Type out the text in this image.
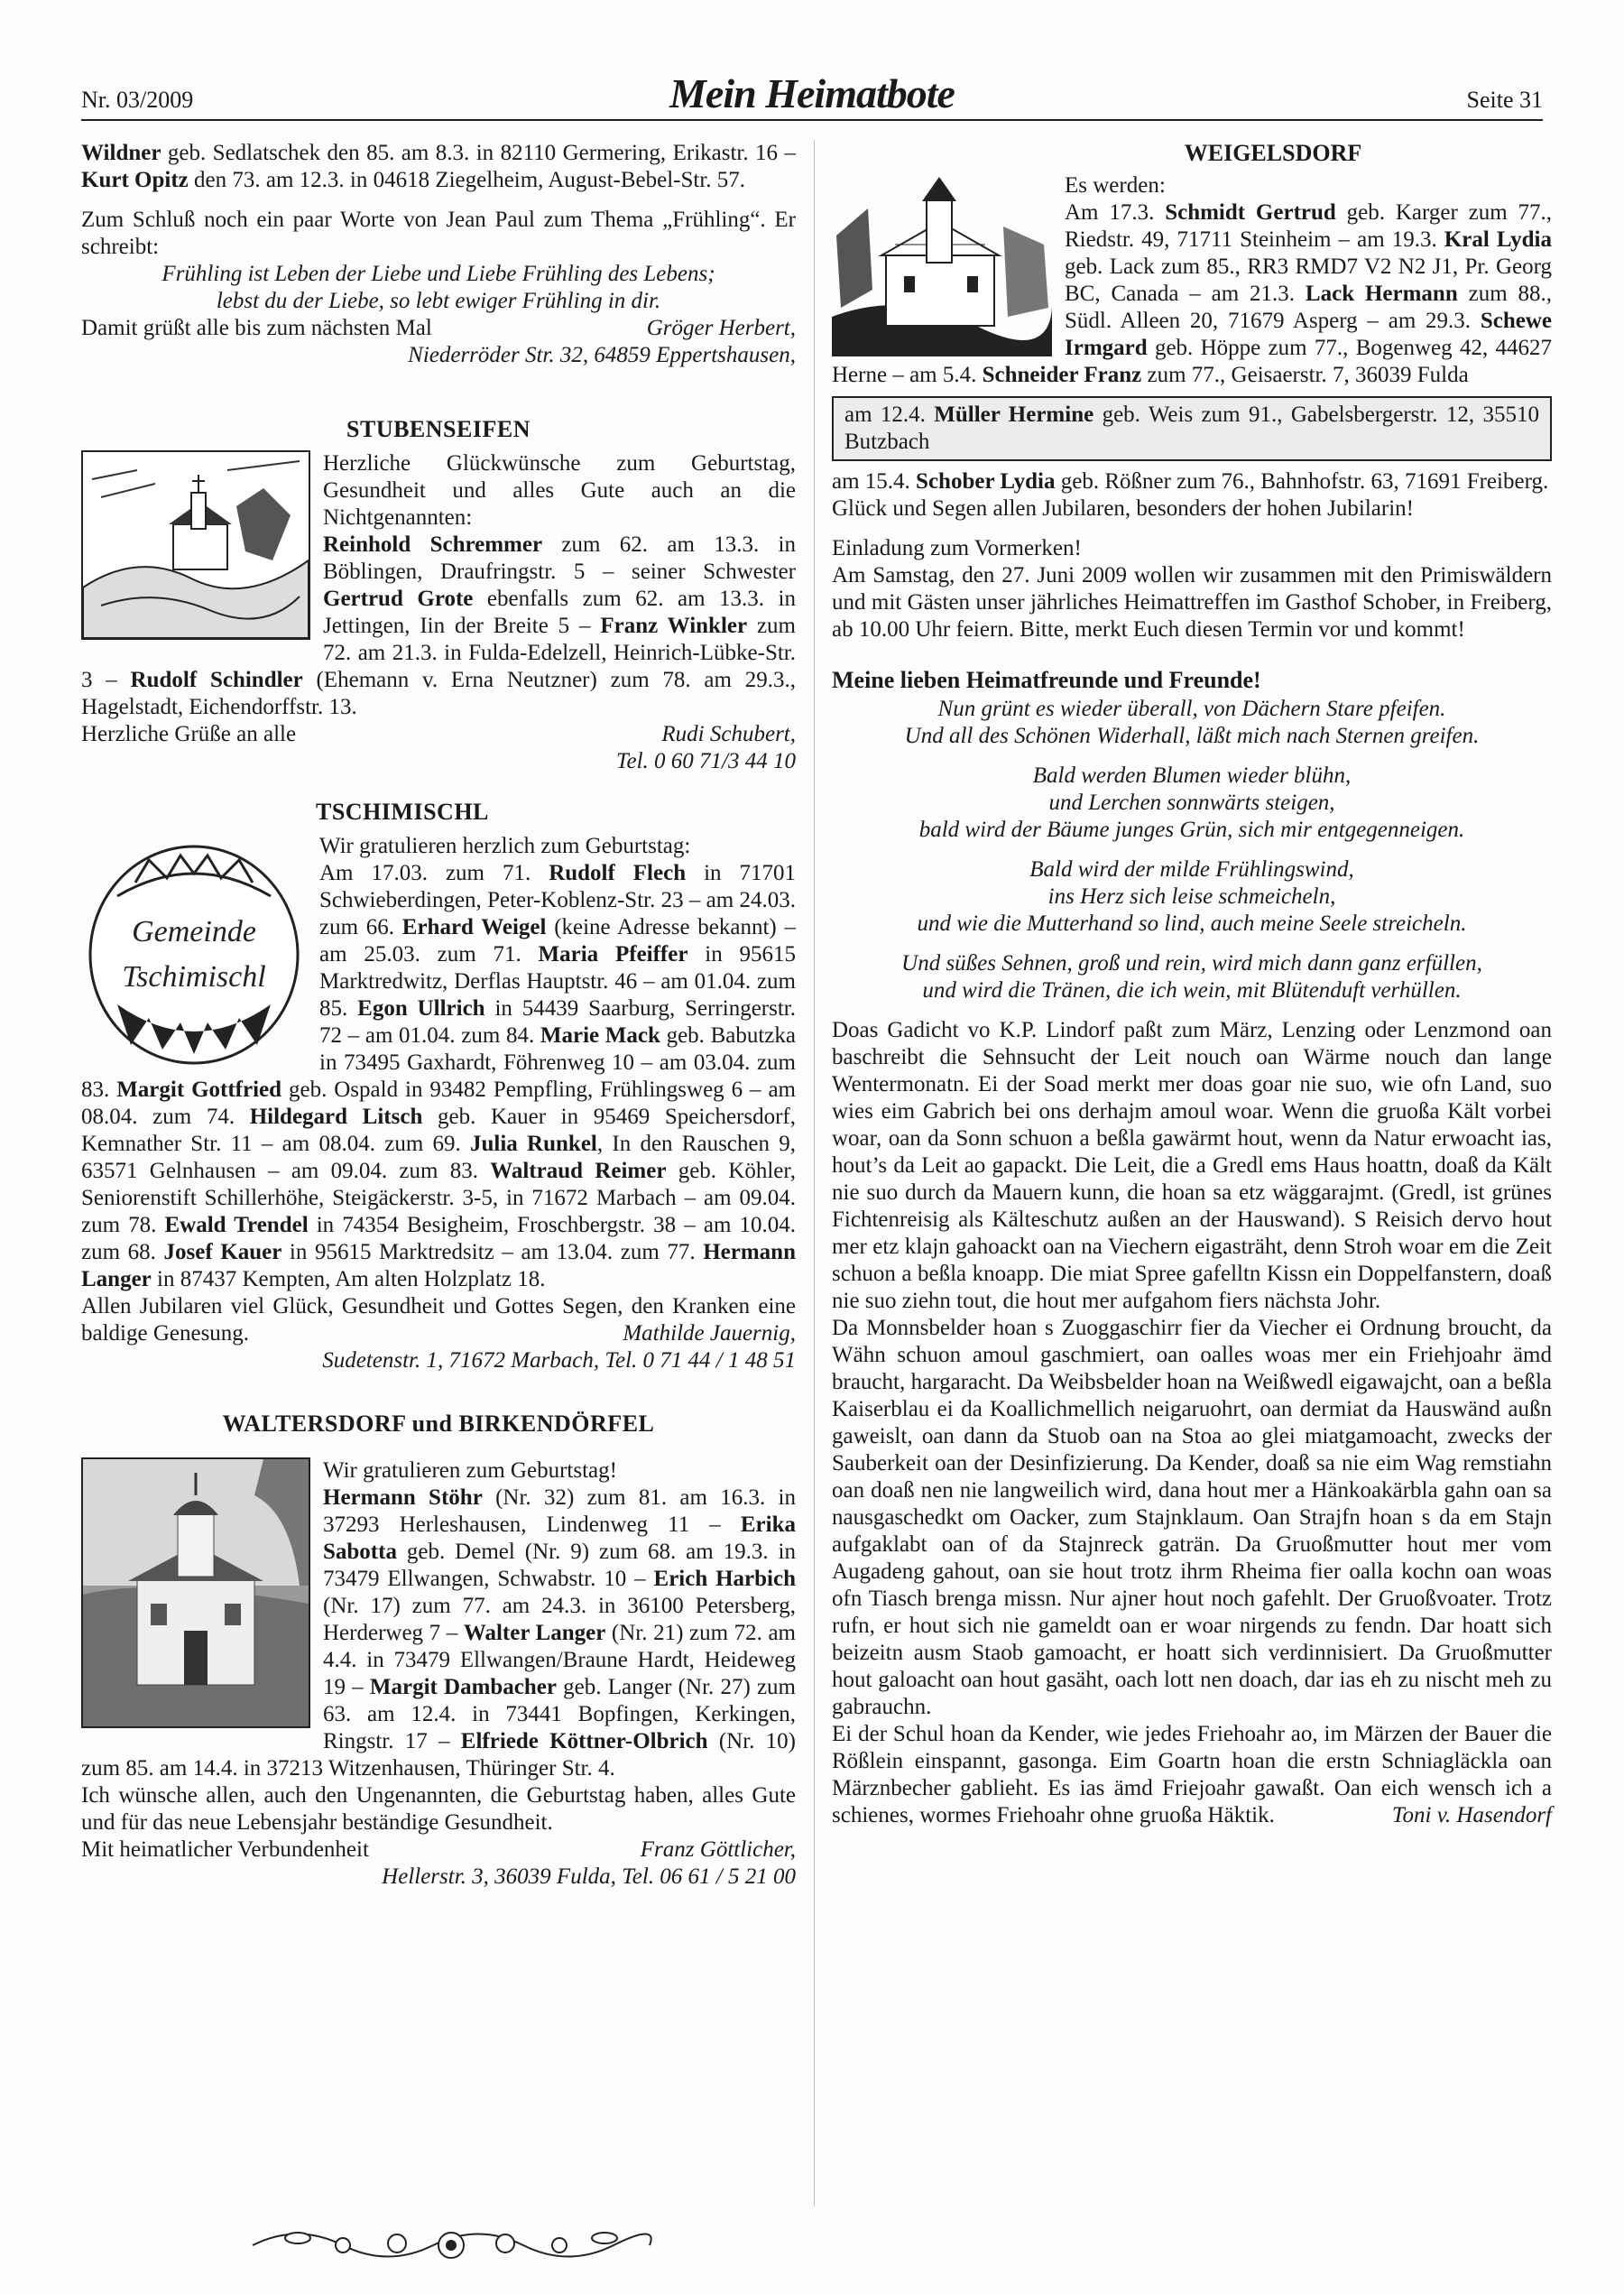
Nr. 03/2009	Mein Heimatbote	Seite 31

Wildner geb. Sedlatschek den 85. am 8.3. in 82110 Germering, Erikastr. 16 – Kurt Opitz den 73. am 12.3. in 04618 Ziegelheim, August-Bebel-Str. 57.

Zum Schluß noch ein paar Worte von Jean Paul zum Thema „Frühling“. Er schreibt:

Frühling ist Leben der Liebe und Liebe Frühling des Lebens;

lebst du der Liebe, so lebt ewiger Frühling in dir.

Damit grüßt alle bis zum nächsten Mal	Gröger Herbert,

Niederröder Str. 32, 64859 Eppertshausen,

STUBENSEIFEN

Herzliche Glückwünsche zum Geburtstag, Gesundheit und alles Gute auch an die Nichtgenannten:
Reinhold Schremmer zum 62. am 13.3. in Böblingen, Draufringstr. 5 – seiner Schwester Gertrud Grote ebenfalls zum 62. am 13.3. in Jettingen, Iin der Breite 5 – Franz Winkler zum 72. am 21.3. in Fulda-Edelzell, Heinrich-Lübke-Str. 3 – Rudolf Schindler (Ehemann v. Erna Neutzner) zum 78. am 29.3., Hagelstadt, Eichendorffstr. 13.

Herzliche Grüße an alle	Rudi Schubert,

Tel. 0 60 71/3 44 10

TSCHIMISCHL
Gemeinde
Tschimischl

Wir gratulieren herzlich zum Geburtstag:
Am 17.03. zum 71. Rudolf Flech in 71701 Schwieberdingen, Peter-Koblenz-Str. 23 – am 24.03. zum 66. Erhard Weigel (keine Adresse bekannt) – am 25.03. zum 71. Maria Pfeiffer in 95615 Marktredwitz, Derflas Hauptstr. 46 – am 01.04. zum 85. Egon Ullrich in 54439 Saarburg, Serringerstr. 72 – am 01.04. zum 84. Marie Mack geb. Babutzka in 73495 Gaxhardt, Föhrenweg 10 – am 03.04. zum 83. Margit Gottfried geb. Ospald in 93482 Pempfling, Frühlingsweg 6 – am 08.04. zum 74. Hildegard Litsch geb. Kauer in 95469 Speichersdorf, Kemnather Str. 11 – am 08.04. zum 69. Julia Runkel, In den Rauschen 9, 63571 Gelnhausen – am 09.04. zum 83. Waltraud Reimer geb. Köhler, Seniorenstift Schillerhöhe, Steigäckerstr. 3-5, in 71672 Marbach – am 09.04. zum 78. Ewald Trendel in 74354 Besigheim, Froschbergstr. 38 – am 10.04. zum 68. Josef Kauer in 95615 Marktredsitz – am 13.04. zum 77. Hermann Langer in 87437 Kempten, Am alten Holzplatz 18.

Allen Jubilaren viel Glück, Gesundheit und Gottes Segen, den Kranken eine baldige Genesung.	Mathilde Jauernig,

Sudetenstr. 1, 71672 Marbach, Tel. 0 71 44 / 1 48 51

WALTERSDORF und BIRKENDÖRFEL

Wir gratulieren zum Geburtstag!
Hermann Stöhr (Nr. 32) zum 81. am 16.3. in 37293 Herleshausen, Lindenweg 11 – Erika Sabotta geb. Demel (Nr. 9) zum 68. am 19.3. in 73479 Ellwangen, Schwabstr. 10 – Erich Harbich (Nr. 17) zum 77. am 24.3. in 36100 Petersberg, Herderweg 7 – Walter Langer (Nr. 21) zum 72. am 4.4. in 73479 Ellwangen/Braune Hardt, Heideweg 19 – Margit Dambacher geb. Langer (Nr. 27) zum 63. am 12.4. in 73441 Bopfingen, Kerkingen, Ringstr. 17 – Elfriede Köttner-Olbrich (Nr. 10) zum 85. am 14.4. in 37213 Witzenhausen, Thüringer Str. 4.

Ich wünsche allen, auch den Ungenannten, die Geburtstag haben, alles Gute und für das neue Lebensjahr beständige Gesundheit.

Mit heimatlicher Verbundenheit	Franz Göttlicher,

Hellerstr. 3, 36039 Fulda, Tel. 06 61 / 5 21 00

WEIGELSDORF

Es werden:
Am 17.3. Schmidt Gertrud geb. Karger zum 77., Riedstr. 49, 71711 Steinheim – am 19.3. Kral Lydia geb. Lack zum 85., RR3 RMD7 V2 N2 J1, Pr. Georg BC, Canada – am 21.3. Lack Hermann zum 88., Südl. Alleen 20, 71679 Asperg – am 29.3. Schewe Irmgard geb. Höppe zum 77., Bogenweg 42, 44627 Herne – am 5.4. Schneider Franz zum 77., Geisaerstr. 7, 36039 Fulda

am 12.4. Müller Hermine geb. Weis zum 91., Gabelsbergerstr. 12, 35510 Butzbach

am 15.4. Schober Lydia geb. Rößner zum 76., Bahnhofstr. 63, 71691 Freiberg.

Glück und Segen allen Jubilaren, besonders der hohen Jubilarin!

Einladung zum Vormerken!

Am Samstag, den 27. Juni 2009 wollen wir zusammen mit den Primiswäldern und mit Gästen unser jährliches Heimattreffen im Gasthof Schober, in Freiberg, ab 10.00 Uhr feiern. Bitte, merkt Euch diesen Termin vor und kommt!

Meine lieben Heimatfreunde und Freunde!

Nun grünt es wieder überall, von Dächern Stare pfeifen.

Und all des Schönen Widerhall, läßt mich nach Sternen greifen.

Bald werden Blumen wieder blühn,

und Lerchen sonnwärts steigen,

bald wird der Bäume junges Grün, sich mir entgegenneigen.

Bald wird der milde Frühlingswind,

ins Herz sich leise schmeicheln,

und wie die Mutterhand so lind, auch meine Seele streicheln.

Und süßes Sehnen, groß und rein, wird mich dann ganz erfüllen,

und wird die Tränen, die ich wein, mit Blütenduft verhüllen.

Doas Gadicht vo K.P. Lindorf paßt zum März, Lenzing oder Lenzmond oan baschreibt die Sehnsucht der Leit nouch oan Wärme nouch dan lange Wentermonatn. Ei der Soad merkt mer doas goar nie suo, wie ofn Land, suo wies eim Gabrich bei ons derhajm amoul woar. Wenn die gruoßa Kält vorbei woar, oan da Sonn schuon a beßla gawärmt hout, wenn da Natur erwoacht ias, hout’s da Leit ao gapackt. Die Leit, die a Gredl ems Haus hoattn, doaß da Kält nie suo durch da Mauern kunn, die hoan sa etz wäggarajmt. (Gredl, ist grünes Fichtenreisig als Kälteschutz außen an der Hauswand). S Reisich dervo hout mer etz klajn gahoackt oan na Viechern eigasträht, denn Stroh woar em die Zeit schuon a beßla knoapp. Die miat Spree gafelltn Kissn ein Doppelfanstern, doaß nie suo ziehn tout, die hout mer aufgahom fiers nächsta Johr.

Da Monnsbelder hoan s Zuoggaschirr fier da Viecher ei Ordnung broucht, da Wähn schuon amoul gaschmiert, oan oalles woas mer ein Friehjoahr ämd braucht, hargaracht. Da Weibsbelder hoan na Weißwedl eigawajcht, oan a beßla Kaiserblau ei da Koallichmellich neigaruohrt, oan dermiat da Hauswänd außn gaweislt, oan dann da Stuob oan na Stoa ao glei miatgamoacht, zwecks der Sauberkeit oan der Desinfizierung. Da Kender, doaß sa nie eim Wag remstiahn oan doaß nen nie langweilich wird, dana hout mer a Hänkoakärbla gahn oan sa nausgaschedkt om Oacker, zum Stajnklaum. Oan Strajfn hoan s da em Stajn aufgaklabt oan of da Stajnreck gaträn. Da Gruoßmutter hout mer vom Augadeng gahout, oan sie hout trotz ihrm Rheima fier oalla kochn oan woas ofn Tiasch brenga missn. Nur ajner hout noch gafehlt. Der Gruoßvoater. Trotz rufn, er hout sich nie gameldt oan er woar nirgends zu fendn. Dar hoatt sich beizeitn ausm Staob gamoacht, er hoatt sich verdinnisiert. Da Gruoßmutter hout galoacht oan hout gasäht, oach lott nen doach, dar ias eh zu nischt meh zu gabrauchn.

Ei der Schul hoan da Kender, wie jedes Friehoahr ao, im Märzen der Bauer die Rößlein einspannt, gasonga. Eim Goartn hoan die erstn Schniagläckla oan Märznbecher gablieht. Es ias ämd Friejoahr gawaßt. Oan eich wensch ich a schienes, wormes Friehoahr ohne gruoßa Häktik.	Toni v. Hasendorf
